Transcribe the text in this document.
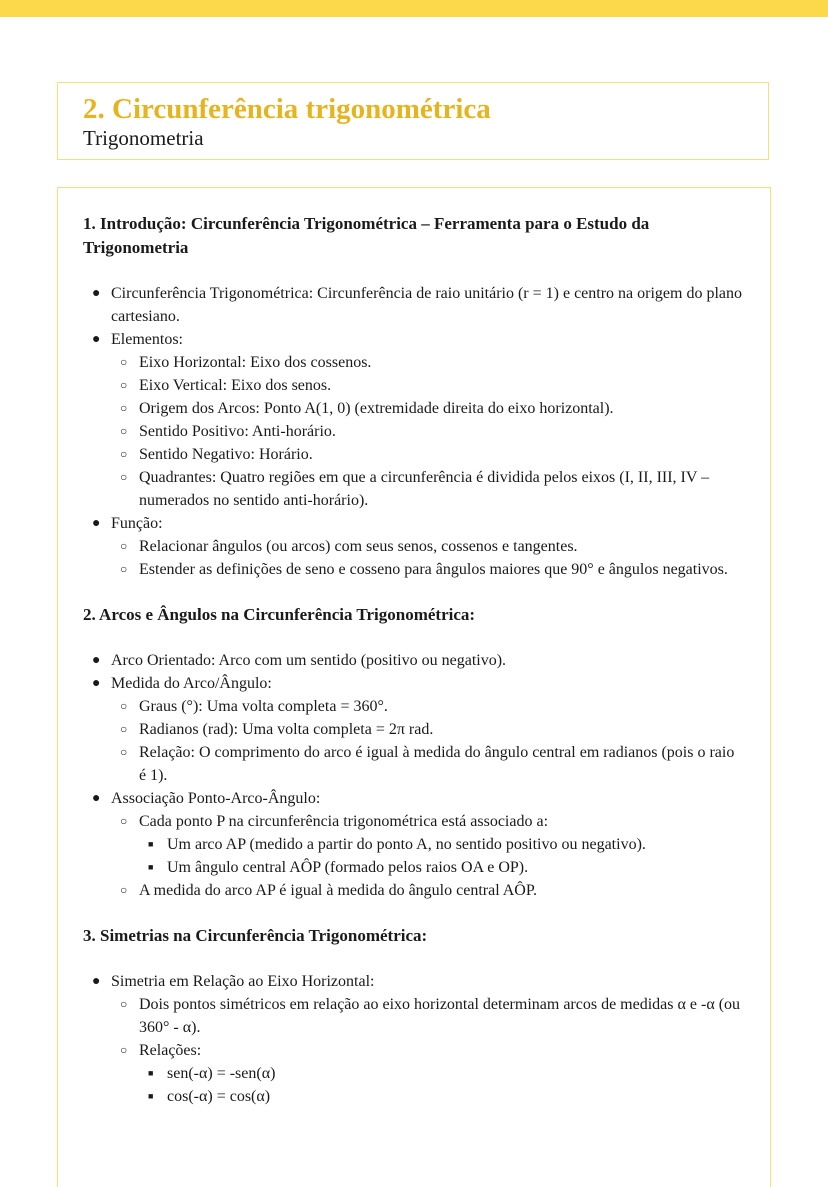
2. Circunferência trigonométrica
Trigonometria

1. Introdução: Circunferência Trigonométrica – Ferramenta para o Estudo da Trigonometria

● Circunferência Trigonométrica: Circunferência de raio unitário (r = 1) e centro na origem do plano cartesiano.
● Elementos:
○ Eixo Horizontal: Eixo dos cossenos.
○ Eixo Vertical: Eixo dos senos.
○ Origem dos Arcos: Ponto A(1, 0) (extremidade direita do eixo horizontal).
○ Sentido Positivo: Anti-horário.
○ Sentido Negativo: Horário.
○ Quadrantes: Quatro regiões em que a circunferência é dividida pelos eixos (I, II, III, IV – numerados no sentido anti-horário).
● Função:
○ Relacionar ângulos (ou arcos) com seus senos, cossenos e tangentes.
○ Estender as definições de seno e cosseno para ângulos maiores que 90° e ângulos negativos.

2. Arcos e Ângulos na Circunferência Trigonométrica:

● Arco Orientado: Arco com um sentido (positivo ou negativo).
● Medida do Arco/Ângulo:
○ Graus (°): Uma volta completa = 360°.
○ Radianos (rad): Uma volta completa = 2π rad.
○ Relação: O comprimento do arco é igual à medida do ângulo central em radianos (pois o raio é 1).
● Associação Ponto-Arco-Ângulo:
○ Cada ponto P na circunferência trigonométrica está associado a:
■ Um arco AP (medido a partir do ponto A, no sentido positivo ou negativo).
■ Um ângulo central AÔP (formado pelos raios OA e OP).
○ A medida do arco AP é igual à medida do ângulo central AÔP.

3. Simetrias na Circunferência Trigonométrica:

● Simetria em Relação ao Eixo Horizontal:
○ Dois pontos simétricos em relação ao eixo horizontal determinam arcos de medidas α e -α (ou 360° - α).
○ Relações:
■ sen(-α) = -sen(α)
■ cos(-α) = cos(α)
